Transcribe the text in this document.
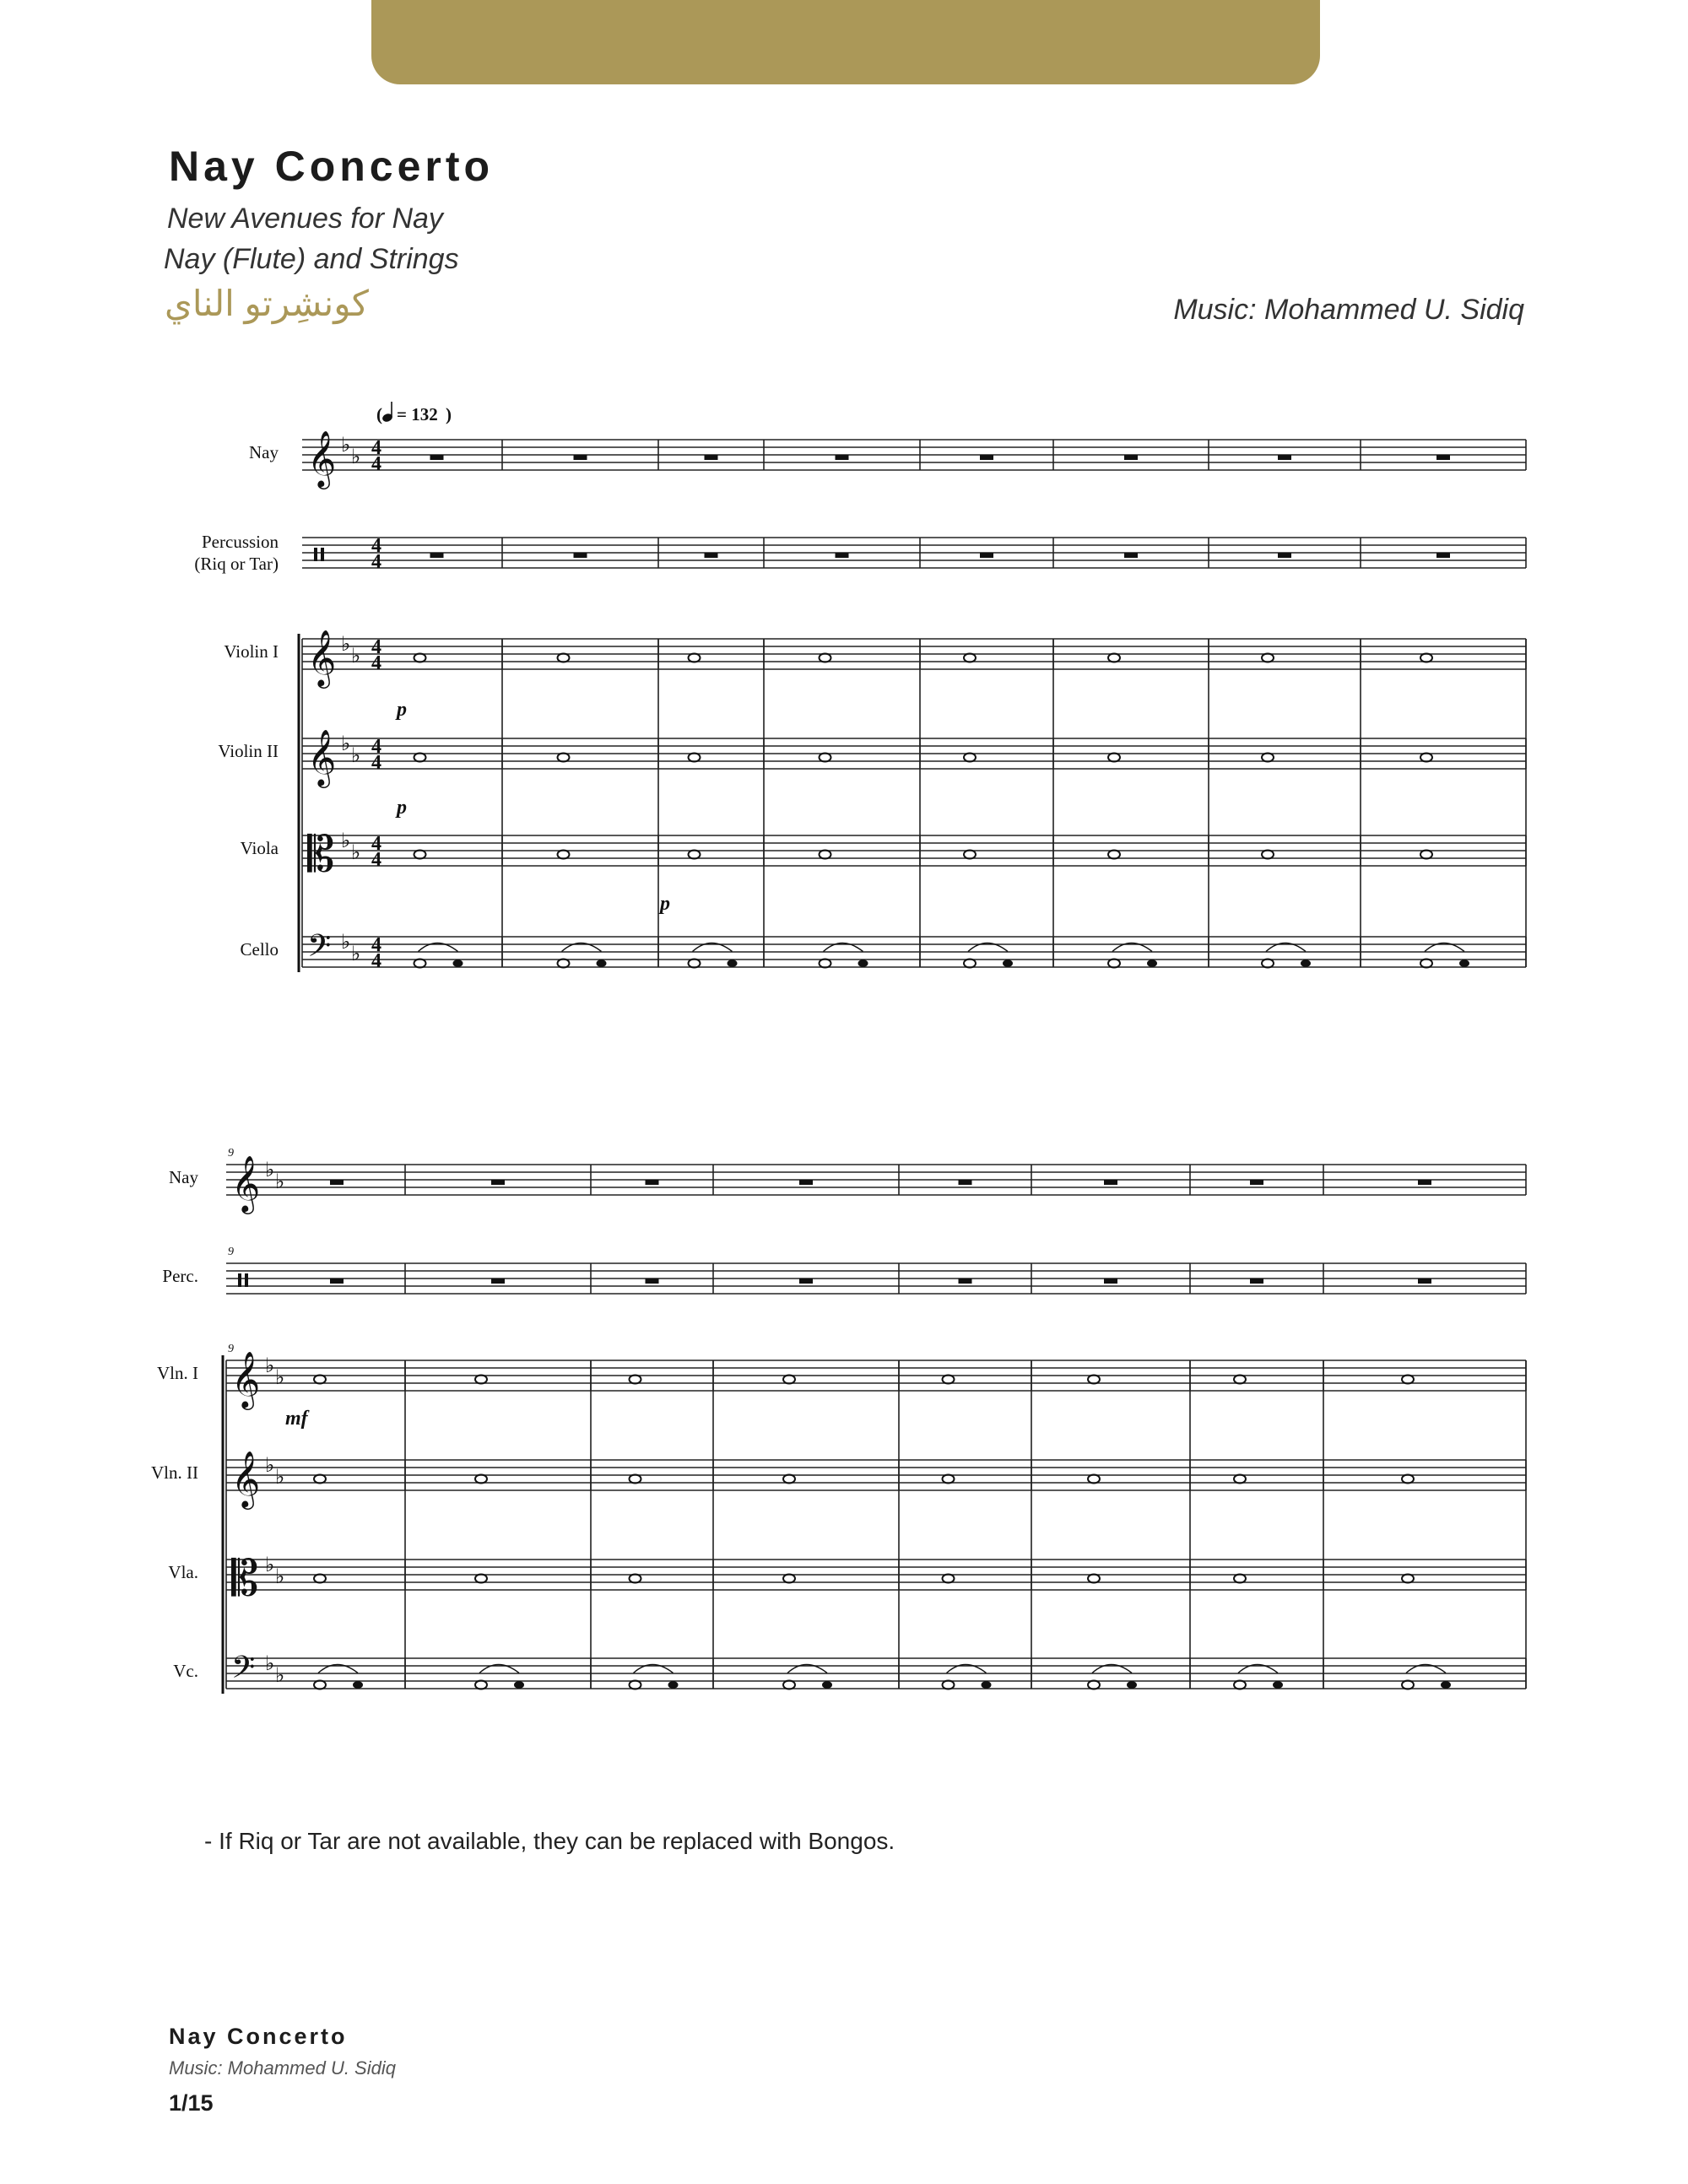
Nay Concerto
New Avenues for Nay
Nay (Flute) and Strings
كونشِرتو الناي	Music: Mohammed U. Sidiq
Nay 𝄞 ♭ ♭ 4
4
Percussion
(Riq or Tar)
4
4
Violin I 𝄞 ♭ ♭ 4
4
Violin II 𝄞 ♭ ♭ 4
4
Viola 𝄡 ♭ ♭ 4
4
Cello 𝄢 ♭ ♭ 4
4
p
p
p
Nay 𝄞 ♭ ♭
Perc.
Vln. I 𝄞 ♭ ♭
Vln. II 𝄞 ♭ ♭
Vla. 𝄡 ♭ ♭
Vc. 𝄢 ♭ ♭
9
9
9
mf
( = 132 )
- If Riq or Tar are not available, they can be replaced with Bongos.
Nay Concerto
Music: Mohammed U. Sidiq
1/15
